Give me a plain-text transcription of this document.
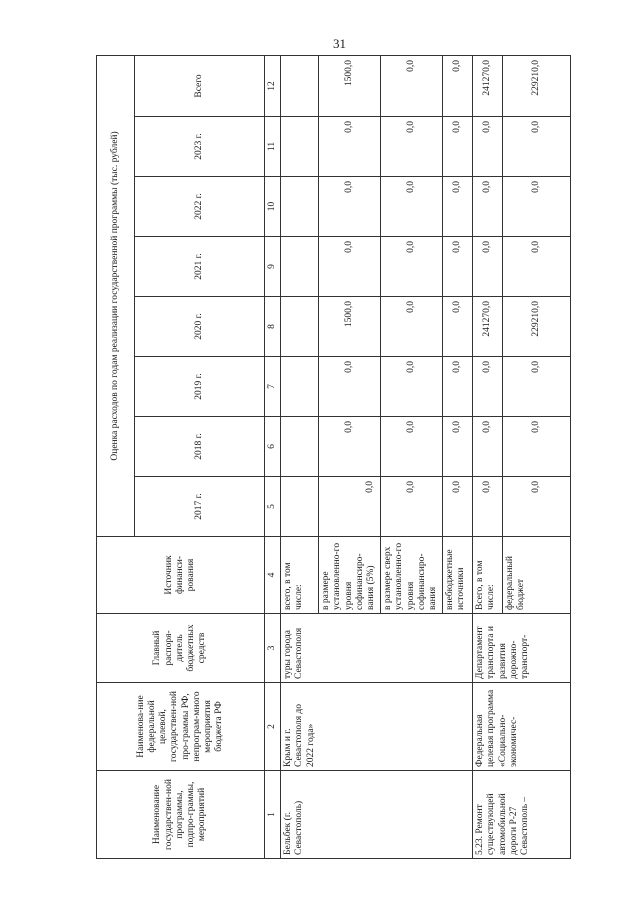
31
Наименование государствен-ной программы, подпро-граммы, мероприятий	Наименова-ние федеральной целевой, государствен-ной про-граммы РФ, непрограм-много мероприятия бюджета РФ	Главный распоря-дитель бюджетных средств	Источник финанси-рования	Оценка расходов по годам реализации государственной программы (тыс. рублей)							
				2017 г.	2018 г.	2019 г.	2020 г.	2021 г.	2022 г.	2023 г.	Всего
1	2	3	4	5	6	7	8	9	10	11	12
Бельбек (г. Севастополь)	Крым и г. Севастополя до 2022 года»	туры города Севастополя	всего, в том числе:								
			в размере установленно-го уровня софинансиро-вания (5%)	0,0	0,0	0,0	1500,0	0,0	0,0	0,0	1500,0
			в размере сверх установленно-го уровня софинансиро-вания	0,0	0,0	0,0	0,0	0,0	0,0	0,0	0,0
			внебюджетные источники	0,0	0,0	0,0	0,0	0,0	0,0	0,0	0,0
5.23. Ремонт существующей автомобильной дороги Р-27 Севастополь –	Федеральная целевая программа «Социально-экономичес-	Департамент транспорта и развития дорожно-транспорт-	Всего, в том числе:	0,0	0,0	0,0	241270,0	0,0	0,0	0,0	241270,0
			федеральный бюджет	0,0	0,0	0,0	229210,0	0,0	0,0	0,0	229210,0
